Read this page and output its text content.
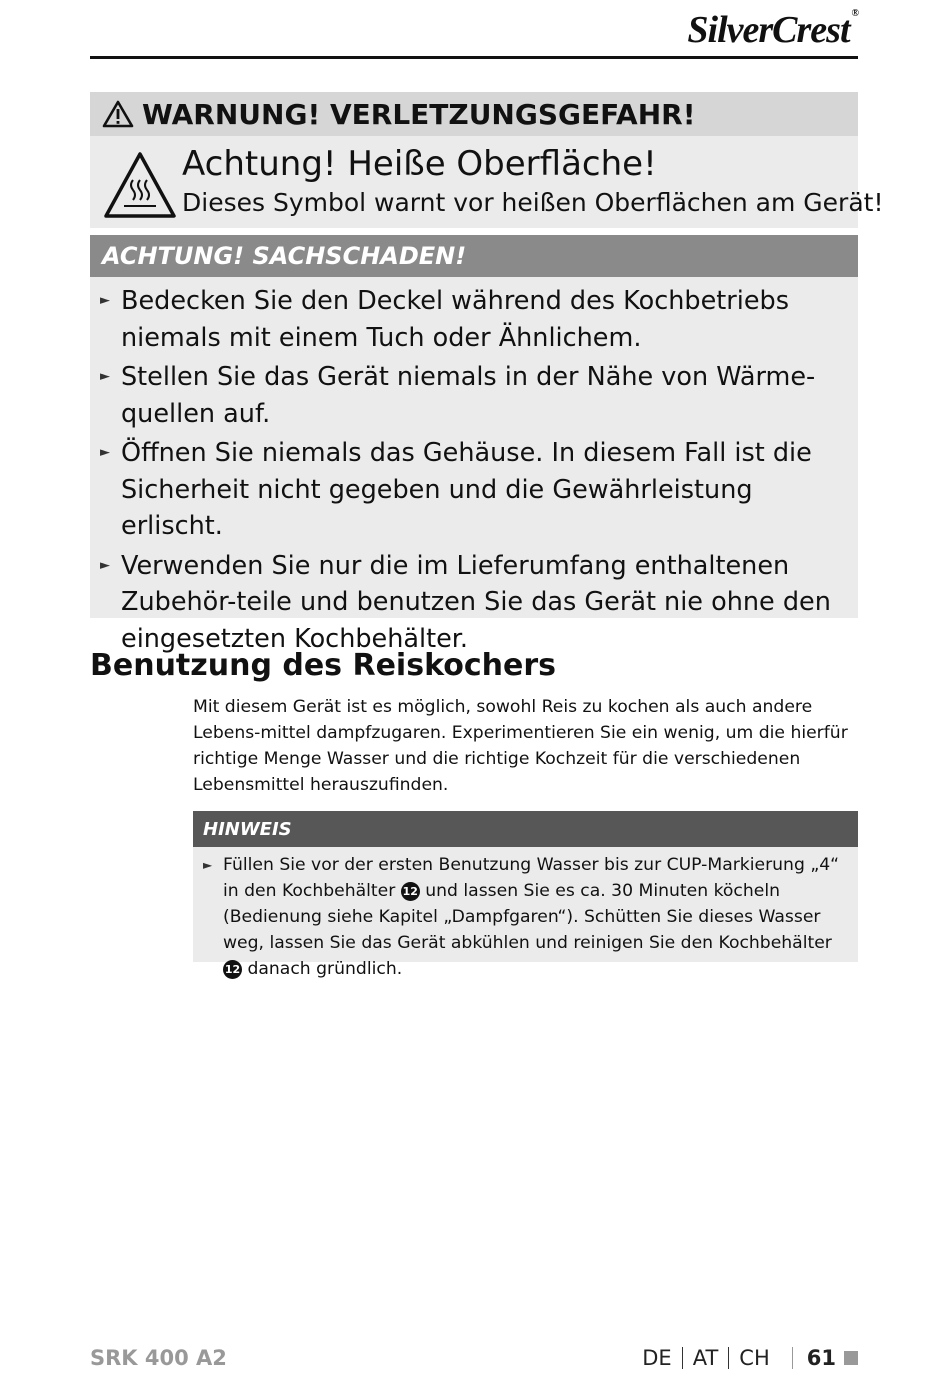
SilverCrest ®
WARNUNG! VERLETZUNGSGEFAHR!
Achtung! Heiße Oberfläche!
Dieses Symbol warnt vor heißen Oberflächen am Gerät!
ACHTUNG! SACHSCHADEN!
► Bedecken Sie den Deckel während des Kochbetriebs niemals mit einem Tuch oder Ähnlichem.
► Stellen Sie das Gerät niemals in der Nähe von Wärme-quellen auf.
► Öffnen Sie niemals das Gehäuse. In diesem Fall ist die Sicherheit nicht gegeben und die Gewährleistung erlischt.
► Verwenden Sie nur die im Lieferumfang enthaltenen Zubehör-teile und benutzen Sie das Gerät nie ohne den eingesetzten Kochbehälter.
Benutzung des Reiskochers
Mit diesem Gerät ist es möglich, sowohl Reis zu kochen als auch andere Lebens-mittel dampfzugaren. Experimentieren Sie ein wenig, um die hierfür richtige Menge Wasser und die richtige Kochzeit für die verschiedenen Lebensmittel herauszufinden.
HINWEIS
► Füllen Sie vor der ersten Benutzung Wasser bis zur CUP-Markierung „4“ in den Kochbehälter 12 und lassen Sie es ca. 30 Minuten köcheln (Bedienung siehe Kapitel „Dampfgaren“). Schütten Sie dieses Wasser weg, lassen Sie das Gerät abkühlen und reinigen Sie den Kochbehälter 12 danach gründlich.
SRK 400 A2	DE AT CH 61
